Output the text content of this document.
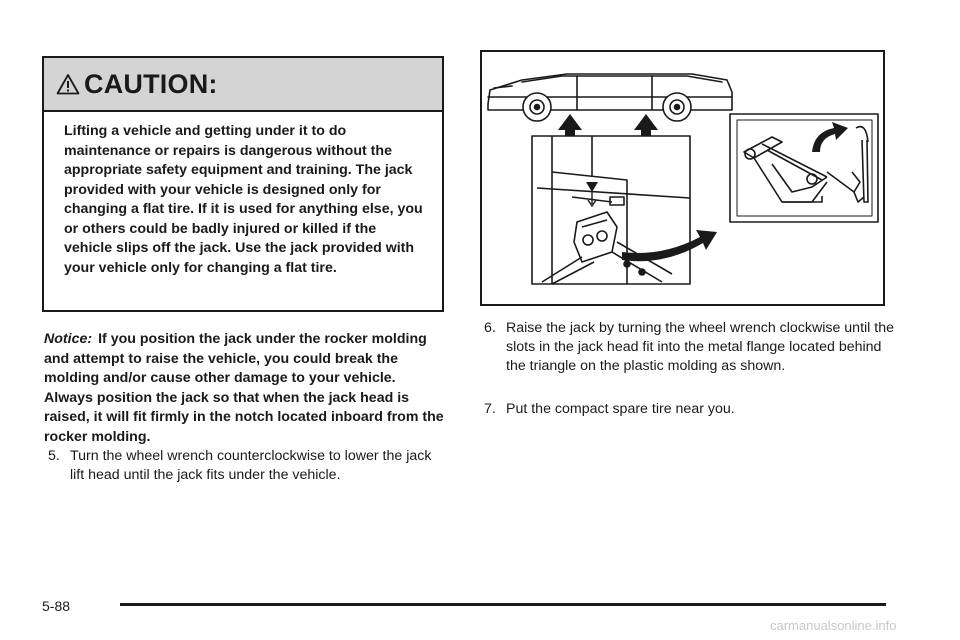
CAUTION:
Lifting a vehicle and getting under it to do maintenance or repairs is dangerous without the appropriate safety equipment and training. The jack provided with your vehicle is designed only for changing a flat tire. If it is used for anything else, you or others could be badly injured or killed if the vehicle slips off the jack. Use the jack provided with your vehicle only for changing a flat tire.
Notice: If you position the jack under the rocker molding and attempt to raise the vehicle, you could break the molding and/or cause other damage to your vehicle. Always position the jack so that when the jack head is raised, it will fit firmly in the notch located inboard from the rocker molding.
5. Turn the wheel wrench counterclockwise to lower the jack lift head until the jack fits under the vehicle.
6. Raise the jack by turning the wheel wrench clockwise until the slots in the jack head fit into the metal flange located behind the triangle on the plastic molding as shown.
7. Put the compact spare tire near you.
5-88
carmanualsonline.info
